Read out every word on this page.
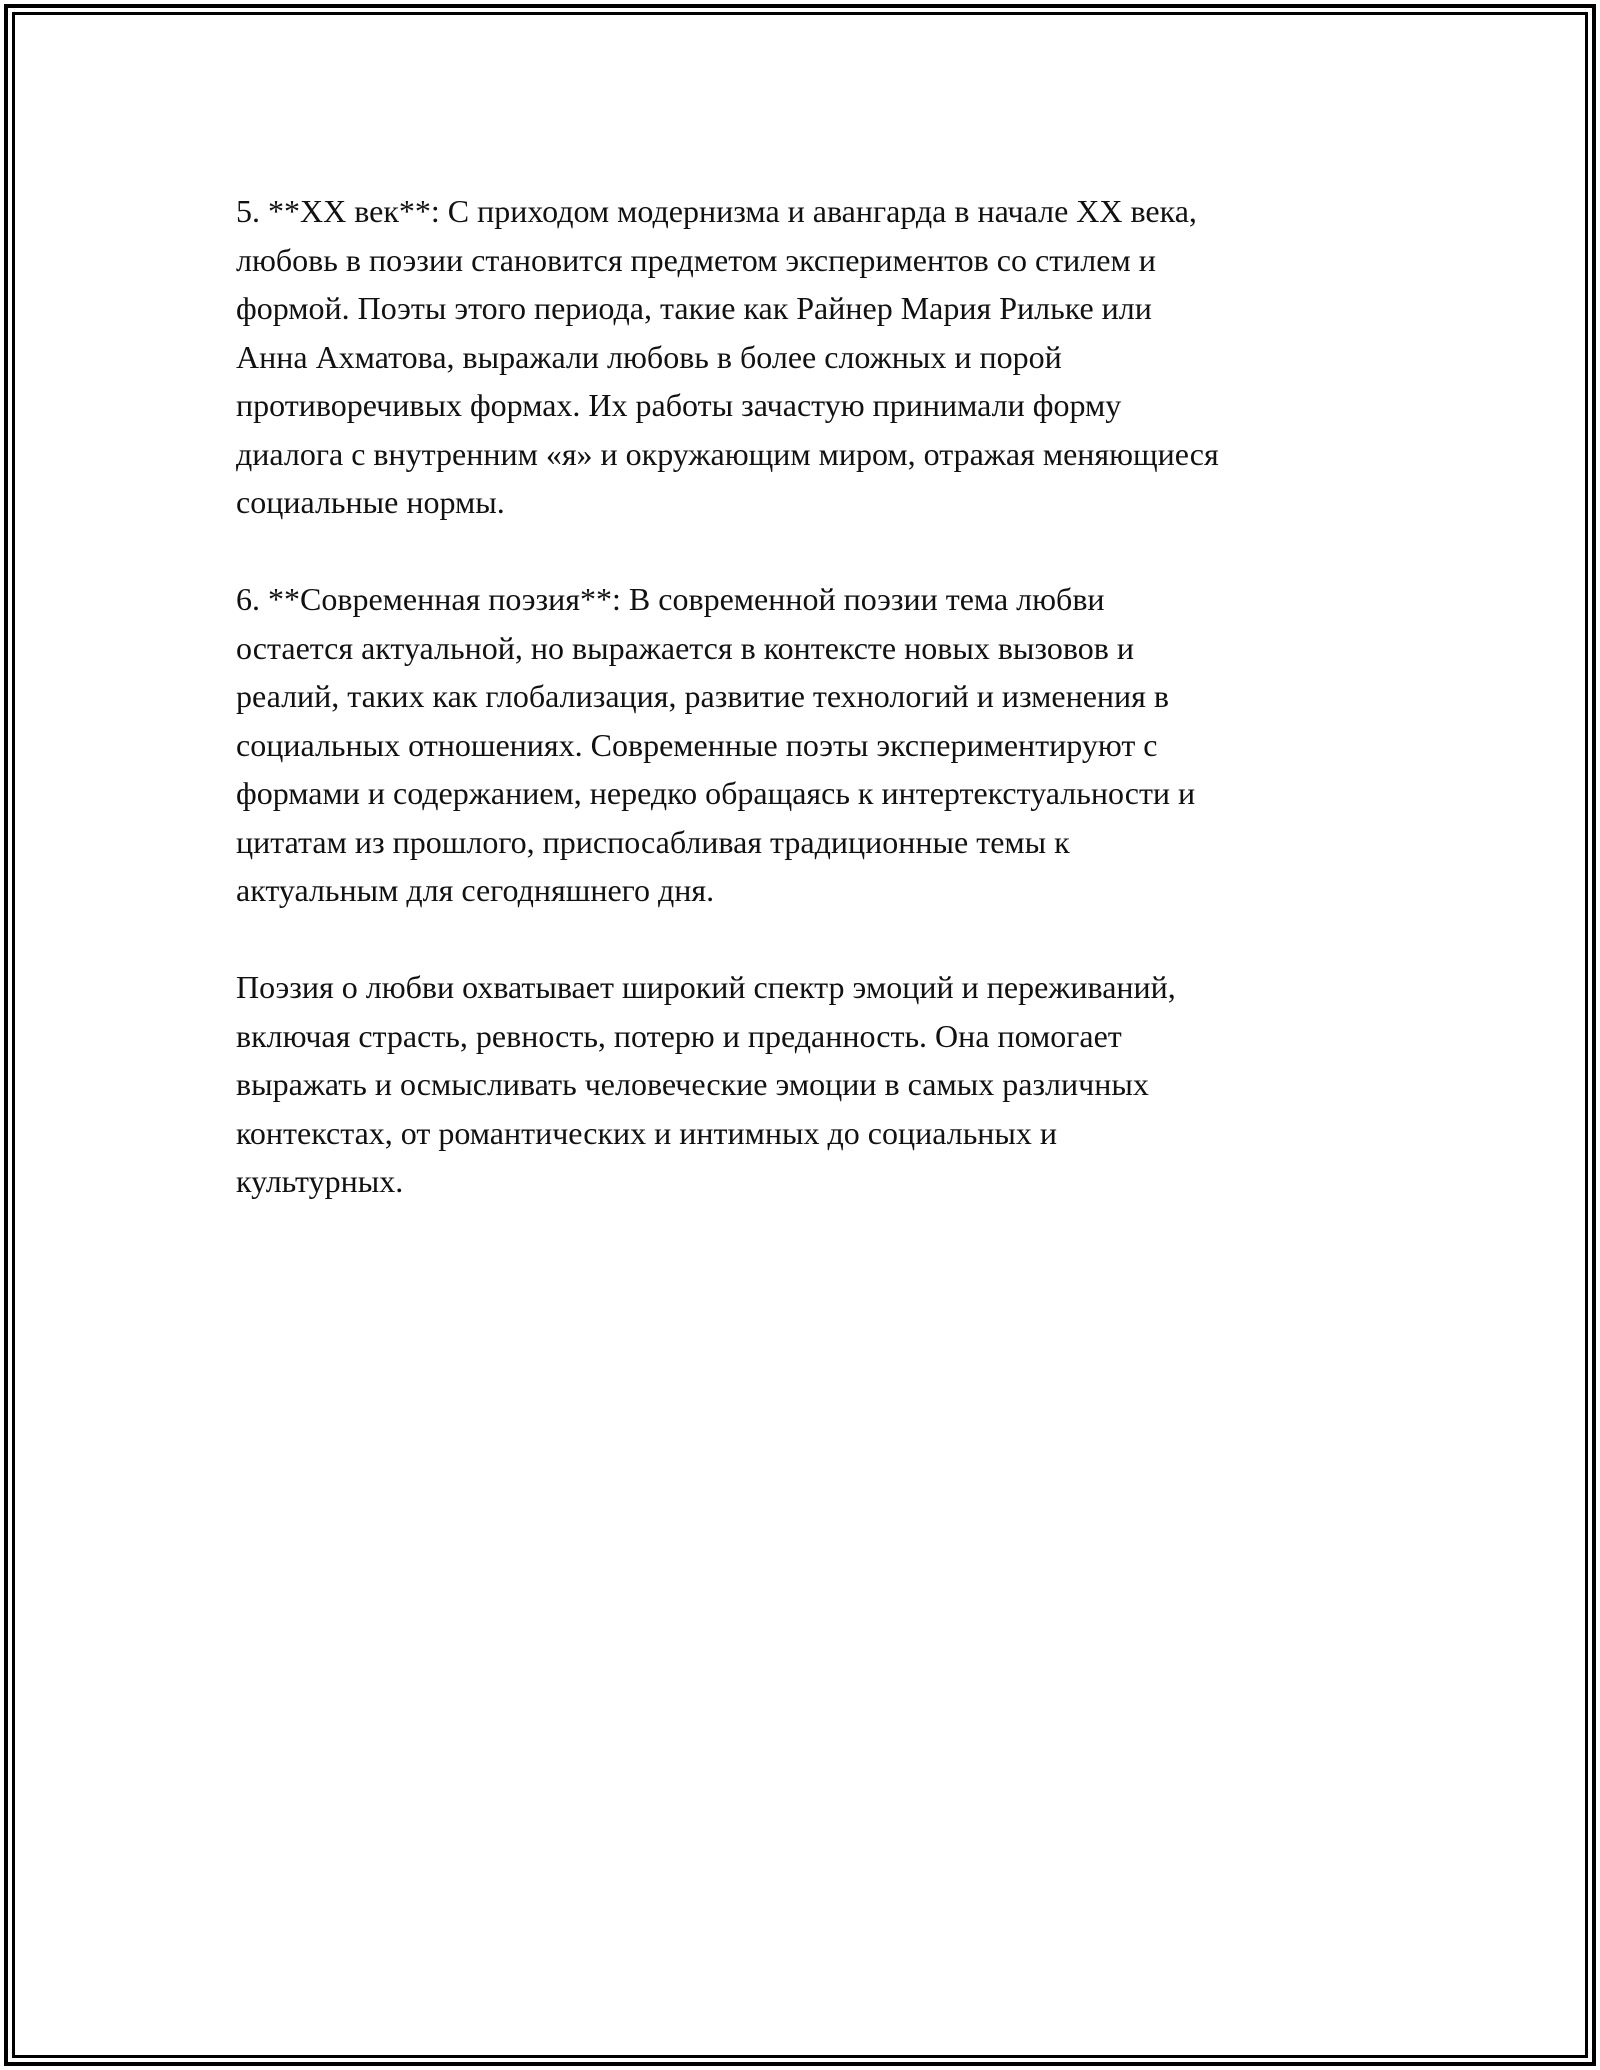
5. **XX век**: С приходом модернизма и авангарда в начале XX века,
любовь в поэзии становится предметом экспериментов со стилем и
формой. Поэты этого периода, такие как Райнер Мария Рильке или
Анна Ахматова, выражали любовь в более сложных и порой
противоречивых формах. Их работы зачастую принимали форму
диалога с внутренним «я» и окружающим миром, отражая меняющиеся
социальные нормы.

6. **Современная поэзия**: В современной поэзии тема любви
остается актуальной, но выражается в контексте новых вызовов и
реалий, таких как глобализация, развитие технологий и изменения в
социальных отношениях. Современные поэты экспериментируют с
формами и содержанием, нередко обращаясь к интертекстуальности и
цитатам из прошлого, приспосабливая традиционные темы к
актуальным для сегодняшнего дня.

Поэзия о любви охватывает широкий спектр эмоций и переживаний,
включая страсть, ревность, потерю и преданность. Она помогает
выражать и осмысливать человеческие эмоции в самых различных
контекстах, от романтических и интимных до социальных и
культурных.
